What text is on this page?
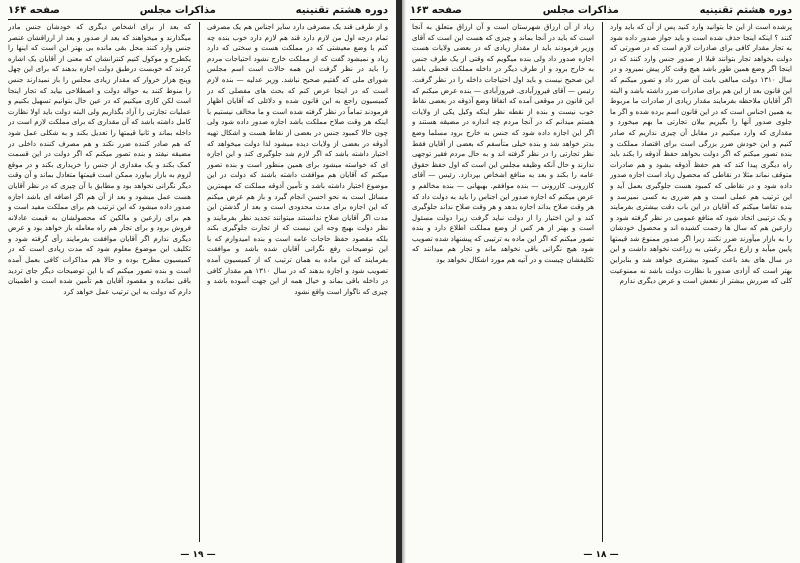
دوره هشتم تقنینیه
مذاکرات مجلس
صفحه ۱۶۴

و از طرفی قند یک مصرفی دارد سایر اجناس هم یک مصرفی تمام درجه اول من لازم دارد قند هم لازم دارد خوب بنده چه کنم با وضع معیشتی که در مملکت هست و سختی که دارد زیاد و نمیشود گفت که از مملکت خارج نشود احتیاجات مردم را باید در نظر گرفت این همه حالات است اسم مجلس شورای ملی که گفتیم صحیح نباشد. وزیر عدلیه — بنده لازم است که در اینجا عرض کنم که بحث های مفصلی که در کمیسیون راجع به این قانون شده و دلائلی که آقایان اظهار فرمودند تماماً در نظر گرفته شده است و ما مخالف نیستیم با اینکه هر وقت صلاح مملکت باشد اجازه صدور داده شود ولی چون حالا کمبود جنس در بعضی از نقاط هست و اشکال تهیه آذوقه در بعضی از ولایات دیده میشود لذا دولت میخواهد که اختیار داشته باشد که اگر لازم شد جلوگیری کند و این اجازه ای که خواسته میشود برای همین منظور است و بنده تصور میکنم که آقایان هم موافقت داشته باشند که دولت در این موضوع اختیار داشته باشد و تأمین آذوقه مملکت که مهمترین مسائل است به نحو احسن انجام گیرد و باز هم عرض میکنم که این اجازه برای مدت محدودی است و بعد از گذشتن این مدت اگر آقایان صلاح ندانستند میتوانند تجدید نظر بفرمایند و نظر دولت بهیچ وجه این نیست که از تجارت جلوگیری بکند بلکه مقصود حفظ حاجات عامه است و بنده امیدوارم که با این توضیحات رفع نگرانی آقایان شده باشد و موافقت بفرمایند که این ماده به همان ترتیب که از کمیسیون آمده تصویب شود و اجازه بدهند که در سال ۱۳۱۰ هم مقدار کافی در داخله باقی بماند و خیال همه از این جهت آسوده باشد و چیزی که ناگوار است واقع نشود

که بعد از برای اشخاص دیگری که خودشان جنس مادر میگذارند و میخواهند که بعد از صدور و بعد از ارزاقشان عنصر جنس وارد کنند محل بقی مانده بی بهتر این است که اینها را یکطرح و موکول کنیم کنترانشان که معنی از آقایان یک اشاره کردند که خوبست درطبق دولت اجازه بدهند که برای این چهل وپنج هزار خروار که مقدار زیادی مجلس را باز نمیدارند جنس را منوط کنند به حواله دولت و اصطلاحی بیاید که تجار اینجا است لکن کاری میکنیم که در عین حال بتوانیم تسهیل بکنیم و عملیات تجارتی را آزاد بگذاریم ولی البته دولت باید اولا نظارت کامل داشته باشد که آن مقداری که برای مملکت لازم است در داخله بماند و ثانیا قیمتها را تعدیل بکند و به شکلی عمل شود که هم صادر کننده ضرر نکند و هم مصرف کننده داخلی در مضیقه نیفتد و بنده تصور میکنم که اگر دولت در این قسمت کمک بکند و یک مقداری از جنس را خریداری بکند و در موقع لزوم به بازار بیاورد ممکن است قیمتها متعادل بماند و آن وقت دیگر نگرانی نخواهد بود و مطابق با آن چیزی که در نظر آقایان هست عمل میشود و بعد از آن هم اگر اضافه ای باشد اجازه صدور داده میشود که این ترتیب هم برای مملکت مفید است و هم برای زارعین و مالکین که محصولشان به قیمت عادلانه فروش برود و برای تجار هم راه معامله باز خواهد بود و عرض دیگری ندارم اگر آقایان موافقت بفرمایند رأی گرفته شود و تکلیف این موضوع معلوم شود که مدت زیادی است که در کمیسیون مطرح بوده و حالا هم مذاکرات کافی بعمل آمده است و بنده تصور میکنم که با این توضیحات دیگر جای تردید باقی نمانده و مقصود آقایان هم تأمین شده است و اطمینان دارم که دولت به این ترتیب عمل خواهد کرد

— ۱۹ —
دوره هشتم تقنینیه
مذاکرات مجلس
صفحه ۱۶۳

پرشده است از این جا بتوانید وارد کنید پس از آن که باید وارد کنند ؟ اینکه اینجا حذف شده است و باید جواز صدور داده شود به تجار مقدار کافی برای صادرات لازم است که در صورتی که دولت بخواهد تجار بتوانند قبلا از صدور جنس وارد کنند که در اینجا اگر وضع همین طور باشد هیچ وقت کار پیش نمیرود و در سال ۱۳۱۰ دولت مبالغی بابت آن ضرر داد و تصور میکنم که این قانون بعد از این هم برای صادرات ضرر داشته باشد و البته اگر آقایان ملاحظه بفرمایند مقدار زیادی از صادرات ما مربوط به همین اجناس است که در این قانون اسم برده شده و اگر ما جلوی صدور آنها را بگیریم بیلان تجارتی ما بهم میخورد و مقداری که وارد میکنیم در مقابل آن چیزی نداریم که صادر کنیم و این خودش ضرر بزرگی است برای اقتصاد مملکت و بنده تصور میکنم که اگر دولت بخواهد حفظ آذوقه را بکند باید راه دیگری پیدا کند که هم حفظ آذوقه بشود و هم صادرات متوقف نماند مثلا در نقاطی که محصول زیاد است اجازه صدور داده شود و در نقاطی که کمبود هست جلوگیری بعمل آید و این ترتیب هم عملی است و هم ضرری به کسی نمیرسد و بنده تقاضا میکنم که آقایان در این باب دقت بیشتری بفرمایند و یک ترتیبی اتخاذ شود که منافع عمومی در نظر گرفته شود و زارعین هم که سال ها زحمت کشیده اند و محصول خودشان را به بازار میآورند ضرر نکنند زیرا اگر صدور ممنوع شد قیمتها پایین میآید و زارع دیگر رغبتی به زراعت نخواهد داشت و این در سال های بعد باعث کمبود بیشتری خواهد شد و بنابراین بهتر است که آزادی صدور با نظارت دولت باشد نه ممنوعیت کلی که ضررش بیشتر از نفعش است و عرض دیگری ندارم

زیاد از آن ارزاق شهرستان است و آن ارزاق متعلق به آنجا است که باید در آنجا بماند و چیزی که هست این است که آقای وزیر فرمودند باید از مقدار زیادی که در بعضی ولایات هست اجازه صدور داد ولی بنده میگویم که وقتی از یک طرف جنس به خارج برود و از طرف دیگر در داخله مملکت قحطی باشد این صحیح نیست و باید اول احتیاجات داخله را در نظر گرفت. رئیس — آقای فیروزآبادی. فیروزآبادی — بنده عرض میکنم که این قانون در موقعی آمده که اتفاقا وضع آذوقه در بعضی نقاط خوب نیست و بنده از نقطه نظر اینکه وکیل یکی از ولایات هستم میدانم که در آنجا مردم چه اندازه در مضیقه هستند و اگر این اجازه داده شود که جنس به خارج برود مسلما وضع بدتر خواهد شد و بنده خیلی متأسفم که بعضی از آقایان فقط نظر تجارتی را در نظر گرفته اند و به حال مردم فقیر توجهی ندارند و حال آنکه وظیفه مجلس این است که اول حفظ حقوق عامه را بکند و بعد به منافع اشخاص بپردازد. رئیس — آقای کازرونی. کازرونی — بنده موافقم. بهبهانی — بنده مخالفم و عرض میکنم که اجازه صدور این اجناس را باید به دولت داد که هر وقت صلاح بداند اجازه بدهد و هر وقت صلاح نداند جلوگیری کند و این اختیار را از دولت نباید گرفت زیرا دولت مسئول است و بهتر از هر کس از وضع مملکت اطلاع دارد و بنده تصور میکنم که اگر این ماده به ترتیبی که پیشنهاد شده تصویب شود هیچ نگرانی باقی نخواهد ماند و تجار هم میدانند که تکلیفشان چیست و در آتیه هم مورد اشکال نخواهد بود

— ۱۸ —
